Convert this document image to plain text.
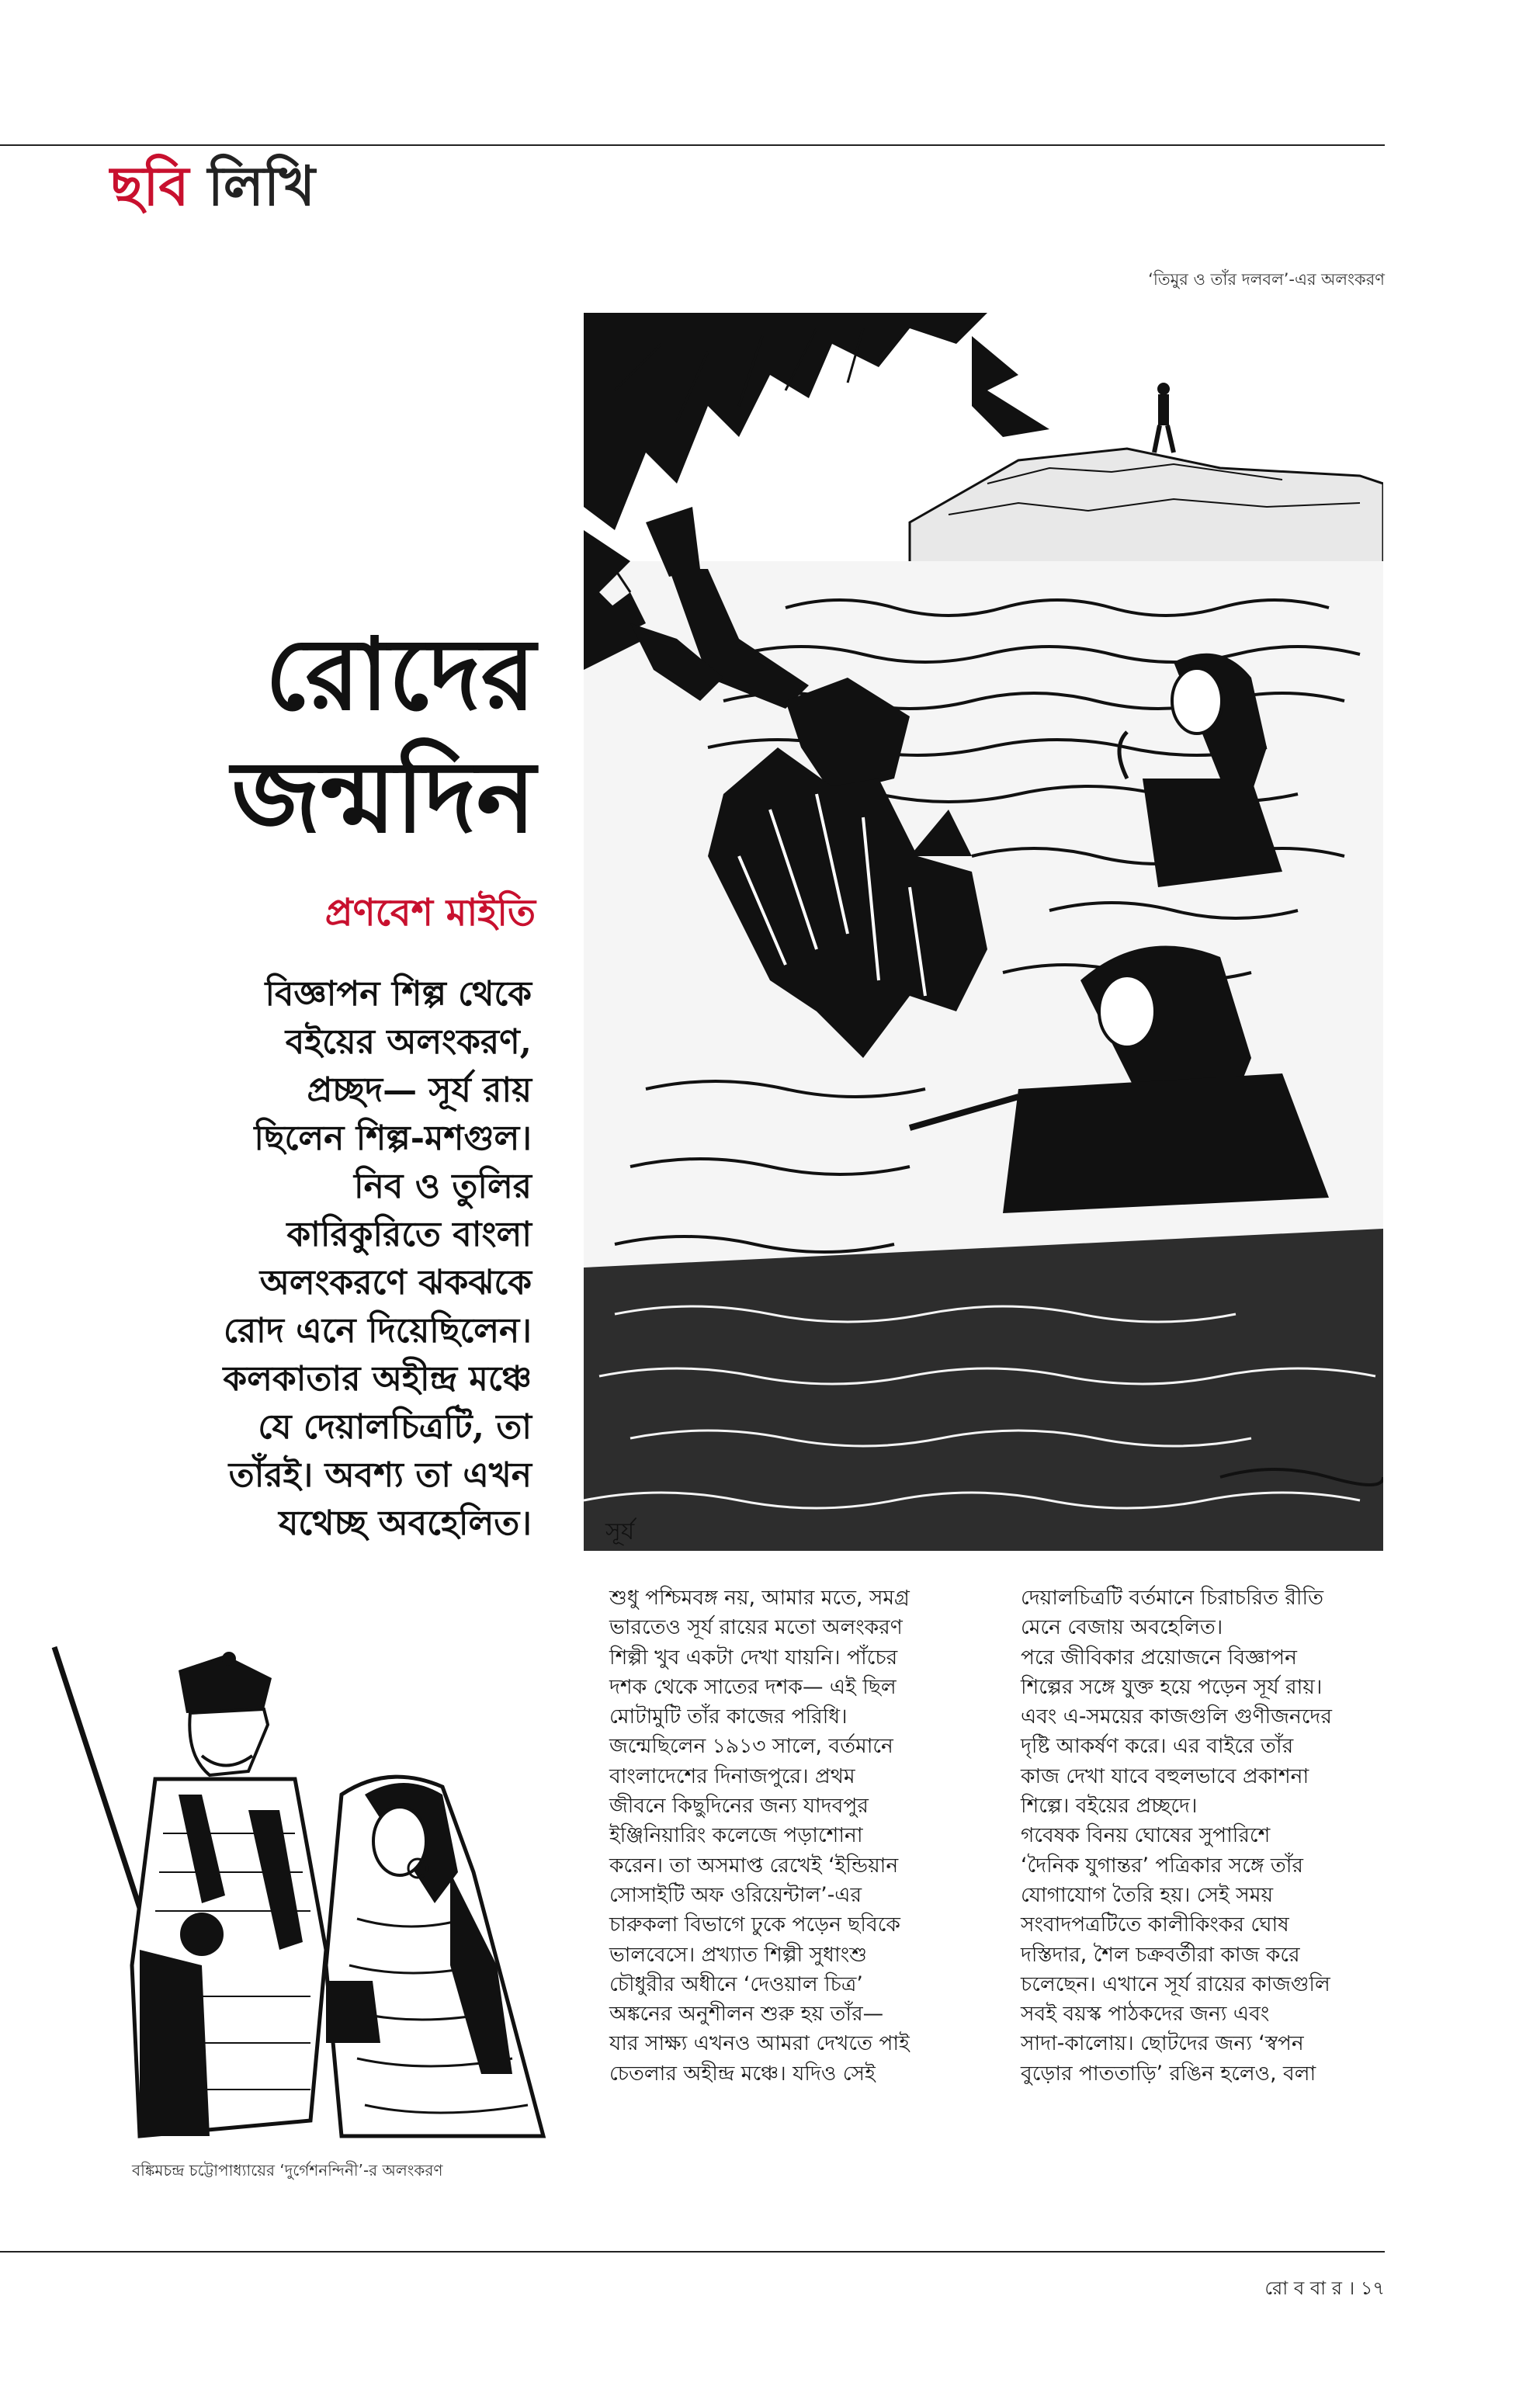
ছবি লিখি
‘তিমুর ও তাঁর দলবল’-এর অলংকরণ
রোদের
জন্মদিন
প্রণবেশ মাইতি
বিজ্ঞাপন শিল্প থেকে
বইয়ের অলংকরণ,
প্রচ্ছদ— সূর্য রায়
ছিলেন শিল্প-মশগুল।
নিব ও তুলির
কারিকুরিতে বাংলা
অলংকরণে ঝকঝকে
রোদ এনে দিয়েছিলেন।
কলকাতার অহীন্দ্র মঞ্চে
যে দেয়ালচিত্রটি, তা
তাঁরই। অবশ্য তা এখন
যথেচ্ছ অবহেলিত।	সূর্য
বঙ্কিমচন্দ্র চট্টোপাধ্যায়ের ‘দুর্গেশনন্দিনী’-র অলংকরণ
শুধু পশ্চিমবঙ্গ নয়, আমার মতে, সমগ্র
ভারতেও সূর্য রায়ের মতো অলংকরণ
শিল্পী খুব একটা দেখা যায়নি। পাঁচের
দশক থেকে সাতের দশক— এই ছিল
মোটামুটি তাঁর কাজের পরিধি।
জন্মেছিলেন ১৯১৩ সালে, বর্তমানে
বাংলাদেশের দিনাজপুরে। প্রথম
জীবনে কিছুদিনের জন্য যাদবপুর
ইঞ্জিনিয়ারিং কলেজে পড়াশোনা
করেন। তা অসমাপ্ত রেখেই ‘ইন্ডিয়ান
সোসাইটি অফ ওরিয়েন্টাল’-এর
চারুকলা বিভাগে ঢুকে পড়েন ছবিকে
ভালবেসে। প্রখ্যাত শিল্পী সুধাংশু
চৌধুরীর অধীনে ‘দেওয়াল চিত্র’
অঙ্কনের অনুশীলন শুরু হয় তাঁর—
যার সাক্ষ্য এখনও আমরা দেখতে পাই
চেতলার অহীন্দ্র মঞ্চে। যদিও সেই
দেয়ালচিত্রটি বর্তমানে চিরাচরিত রীতি
মেনে বেজায় অবহেলিত।
পরে জীবিকার প্রয়োজনে বিজ্ঞাপন
শিল্পের সঙ্গে যুক্ত হয়ে পড়েন সূর্য রায়।
এবং এ-সময়ের কাজগুলি গুণীজনদের
দৃষ্টি আকর্ষণ করে। এর বাইরে তাঁর
কাজ দেখা যাবে বহুলভাবে প্রকাশনা
শিল্পে। বইয়ের প্রচ্ছদে।
গবেষক বিনয় ঘোষের সুপারিশে
‘দৈনিক যুগান্তর’ পত্রিকার সঙ্গে তাঁর
যোগাযোগ তৈরি হয়। সেই সময়
সংবাদপত্রটিতে কালীকিংকর ঘোষ
দস্তিদার, শৈল চক্রবর্তীরা কাজ করে
চলেছেন। এখানে সূর্য রায়ের কাজগুলি
সবই বয়স্ক পাঠকদের জন্য এবং
সাদা-কালোয়। ছোটদের জন্য ‘স্বপন
বুড়োর পাততাড়ি’ রঙিন হলেও, বলা
রো ব বা র । ১৭
